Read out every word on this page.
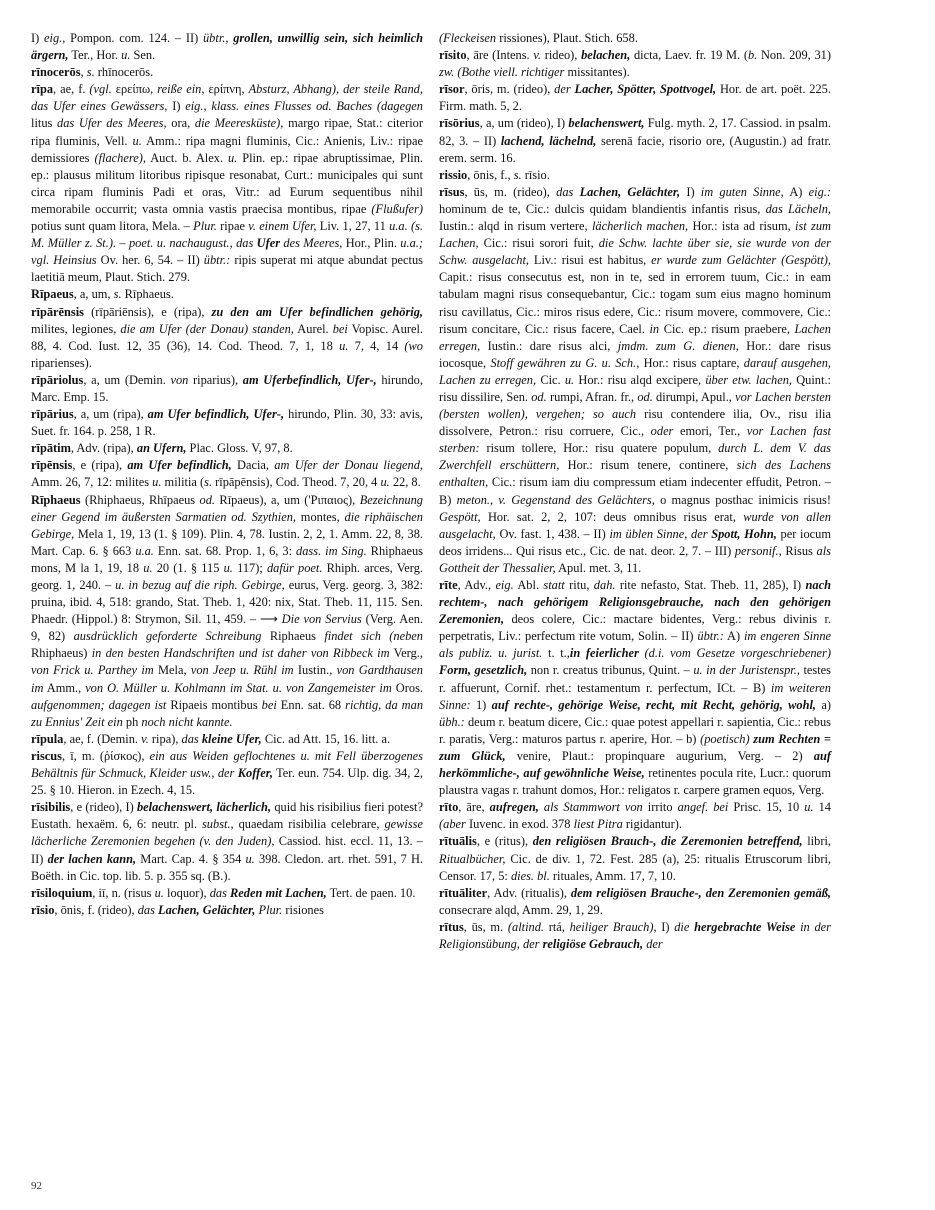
I) eig., Pompon. com. 124. – II) übtr., grollen, unwillig sein, sich heimlich ärgern, Ter., Hor. u. Sen.

rīnocerōs, s. rhīnocerōs.

rīpa, ae, f. (vgl. ερείπω, reiße ein, ερίπνη, Absturz, Abhang), der steile Rand, das Ufer eines Gewässers, I) eig., klass. eines Flusses od. Baches (dagegen litus das Ufer des Meeres, ora, die Meeresküste), margo ripae, Stat.: citerior ripa fluminis, Vell. u. Amm.: ripa magni fluminis, Cic.: Anienis, Liv.: ripae demissiores (flachere), Auct. b. Alex. u. Plin. ep.: ripae abruptissimae, Plin. ep.: plausus militum litoribus ripisque resonabat, Curt.: municipales qui sunt circa ripam fluminis Padi et oras, Vitr.: ad Eurum sequentibus nihil memorabile occurrit; vasta omnia vastis praecisa montibus, ripae (Flußufer) potius sunt quam litora, Mela. – Plur. ripae v. einem Ufer, Liv. 1, 27, 11 u.a. (s. M. Müller z. St.). – poet. u. nachaugust., das Ufer des Meeres, Hor., Plin. u.a.; vgl. Heinsius Ov. her. 6, 54. – II) übtr.: ripis superat mi atque abundat pectus laetitiā meum, Plaut. Stich. 279.

Rīpaeus, a, um, s. Rīphaeus.

rīpārēnsis (rīpāriēnsis), e (ripa), zu den am Ufer befindlichen gehörig, milites, legiones, die am Ufer (der Donau) standen, Aurel. bei Vopisc. Aurel. 88, 4. Cod. Iust. 12, 35 (36), 14. Cod. Theod. 7, 1, 18 u. 7, 4, 14 (wo riparienses).

rīpāriolus, a, um (Demin. von riparius), am Uferbefindlich, Ufer-, hirundo, Marc. Emp. 15.

rīpārius, a, um (ripa), am Ufer befindlich, Ufer-, hirundo, Plin. 30, 33: avis, Suet. fr. 164. p. 258, 1 R.

rīpātim, Adv. (ripa), an Ufern, Plac. Gloss. V, 97, 8.

rīpēnsis, e (ripa), am Ufer befindlich, Dacia, am Ufer der Donau liegend, Amm. 26, 7, 12: milites u. militia (s. rīpāpēnsis), Cod. Theod. 7, 20, 4 u. 22, 8.

Rīphaeus (Rhiphaeus, Rhīpaeus od. Rīpaeus), a, um ('Ριπαιος), Bezeichnung einer Gegend im äußersten Sarmatien od. Szythien, montes, die riphäischen Gebirge, Mela 1, 19, 13 (1. § 109). Plin. 4, 78. Iustin. 2, 2, 1. Amm. 22, 8, 38. Mart. Cap. 6. § 663 u.a. Enn. sat. 68. Prop. 1, 6, 3: dass. im Sing. Rhiphaeus mons, M la 1, 19, 18 u. 20 (1. § 115 u. 117); dafür poet. Rhiph. arces, Verg. georg. 1, 240. – u. in bezug auf die riph. Gebirge, eurus, Verg. georg. 3, 382: pruina, ibid. 4, 518: grando, Stat. Theb. 1, 420: nix, Stat. Theb. 11, 115. Sen. Phaedr. (Hippol.) 8: Strymon, Sil. 11, 459. – ⟶ Die von Servius (Verg. Aen. 9, 82) ausdrücklich geforderte Schreibung Riphaeus findet sich (neben Rhiphaeus) in den besten Handschriften und ist daher von Ribbeck im Verg., von Frick u. Parthey im Mela, von Jeep u. Rühl im Iustin., von Gardthausen im Amm., von O. Müller u. Kohlmann im Stat. u. von Zangemeister im Oros. aufgenommen; dagegen ist Ripaeis montibus bei Enn. sat. 68 richtig, da man zu Ennius' Zeit ein ph noch nicht kannte.

rīpula, ae, f. (Demin. v. ripa), das kleine Ufer, Cic. ad Att. 15, 16. litt. a.

riscus, ī, m. (ῥίσκος), ein aus Weiden geflochtenes u. mit Fell überzogenes Behältnis für Schmuck, Kleider usw., der Koffer, Ter. eun. 754. Ulp. dig. 34, 2, 25. § 10. Hieron. in Ezech. 4, 15.

rīsibilis, e (rideo), I) belachenswert, lächerlich, quid his risibilius fieri potest? Eustath. hexaëm. 6, 6: neutr. pl. subst., quaedam risibilia celebrare, gewisse lächerliche Zeremonien begehen (v. den Juden), Cassiod. hist. eccl. 11, 13. – II) der lachen kann, Mart. Cap. 4. § 354 u. 398. Cledon. art. rhet. 591, 7 H. Boëth. in Cic. top. lib. 5. p. 355 sq. (B.).

rīsiloquium, iī, n. (risus u. loquor), das Reden mit Lachen, Tert. de paen. 10.

rīsio, ōnis, f. (rideo), das Lachen, Gelächter, Plur. risiones

(Fleckeisen rissiones), Plaut. Stich. 658.

rīsito, āre (Intens. v. rideo), belachen, dicta, Laev. fr. 19 M. (b. Non. 209, 31) zw. (Bothe viell. richtiger missitantes).

rīsor, ōris, m. (rideo), der Lacher, Spötter, Spottvogel, Hor. de art. poët. 225. Firm. math. 5, 2.

rīsōrius, a, um (rideo), I) belachenswert, Fulg. myth. 2, 17. Cassiod. in psalm. 82, 3. – II) lachend, lächelnd, serenā facie, risorio ore, (Augustin.) ad fratr. erem. serm. 16.

rissio, ōnis, f., s. rīsio.

rīsus, ūs, m. (rideo), das Lachen, Gelächter, I) im guten Sinne, A) eig.: hominum de te, Cic.: dulcis quidam blandientis infantis risus, das Lächeln, Iustin.: alqd in risum vertere, lächerlich machen, Hor.: ista ad risum, ist zum Lachen, Cic.: risui sorori fuit, die Schw. lachte über sie, sie wurde von der Schw. ausgelacht, Liv.: risui est habitus, er wurde zum Gelächter (Gespött), Capit.: risus consecutus est, non in te, sed in errorem tuum, Cic.: in eam tabulam magni risus consequebantur, Cic.: togam sum eius magno hominum risu cavillatus, Cic.: miros risus edere, Cic.: risum movere, commovere, Cic.: risum concitare, Cic.: risus facere, Cael. in Cic. ep.: risum praebere, Lachen erregen, Iustin.: dare risus alci, jmdm. zum G. dienen, Hor.: dare risus iocosque, Stoff gewähren zu G. u. Sch., Hor.: risus captare, darauf ausgehen, Lachen zu erregen, Cic. u. Hor.: risu alqd excipere, über etw. lachen, Quint.: risu dissilire, Sen. od. rumpi, Afran. fr., od. dirumpi, Apul., vor Lachen bersten (bersten wollen), vergehen; so auch risu contendere ilia, Ov., risu ilia dissolvere, Petron.: risu corruere, Cic., oder emori, Ter., vor Lachen fast sterben: risum tollere, Hor.: risu quatere populum, durch L. dem V. das Zwerchfell erschüttern, Hor.: risum tenere, continere, sich des Lachens enthalten, Cic.: risum iam diu compressum etiam indecenter effudit, Petron. – B) meton., v. Gegenstand des Gelächters, o magnus posthac inimicis risus! Gespött, Hor. sat. 2, 2, 107: deus omnibus risus erat, wurde von allen ausgelacht, Ov. fast. 1, 438. – II) im üblen Sinne, der Spott, Hohn, per iocum deos irridens... Qui risus etc., Cic. de nat. deor. 2, 7. – III) personif., Risus als Gottheit der Thessalier, Apul. met. 3, 11.

rīte, Adv., eig. Abl. statt ritu, dah. rite nefasto, Stat. Theb. 11, 285), I) nach rechtem-, nach gehörigem Religionsgebrauche, nach den gehörigen Zeremonien, deos colere, Cic.: mactare bidentes, Verg.: rebus divinis r. perpetratis, Liv.: perfectum rite votum, Solin. – II) übtr.: A) im engeren Sinne als publiz. u. jurist. t. t.,in feierlicher (d.i. vom Gesetze vorgeschriebener) Form, gesetzlich, non r. creatus tribunus, Quint. – u. in der Juristenspr., testes r. affuerunt, Cornif. rhet.: testamentum r. perfectum, ICt. – B) im weiteren Sinne: 1) auf rechte-, gehörige Weise, recht, mit Recht, gehörig, wohl, a) übh.: deum r. beatum dicere, Cic.: quae potest appellari r. sapientia, Cic.: rebus r. paratis, Verg.: maturos partus r. aperire, Hor. – b) (poetisch) zum Rechten = zum Glück, venire, Plaut.: propinquare augurium, Verg. – 2) auf herkömmliche-, auf gewöhnliche Weise, retinentes pocula rite, Lucr.: quorum plaustra vagas r. trahunt domos, Hor.: religatos r. carpere gramen equos, Verg.

rīto, āre, aufregen, als Stammwort von irrito angef. bei Prisc. 15, 10 u. 14 (aber Iuvenc. in exod. 378 liest Pitra rigidantur).

rītuālis, e (ritus), den religiösen Brauch-, die Zeremonien betreffend, libri, Ritualbücher, Cic. de div. 1, 72. Fest. 285 (a), 25: ritualis Etruscorum libri, Censor. 17, 5: dies. bl. rituales, Amm. 17, 7, 10.

rītuāliter, Adv. (ritualis), dem religiösen Brauche-, den Zeremonien gemäß, consecrare alqd, Amm. 29, 1, 29.

rītus, ūs, m. (altind. rtá, heiliger Brauch), I) die hergebrachte Weise in der Religionsübung, der religiöse Gebrauch, der

92
